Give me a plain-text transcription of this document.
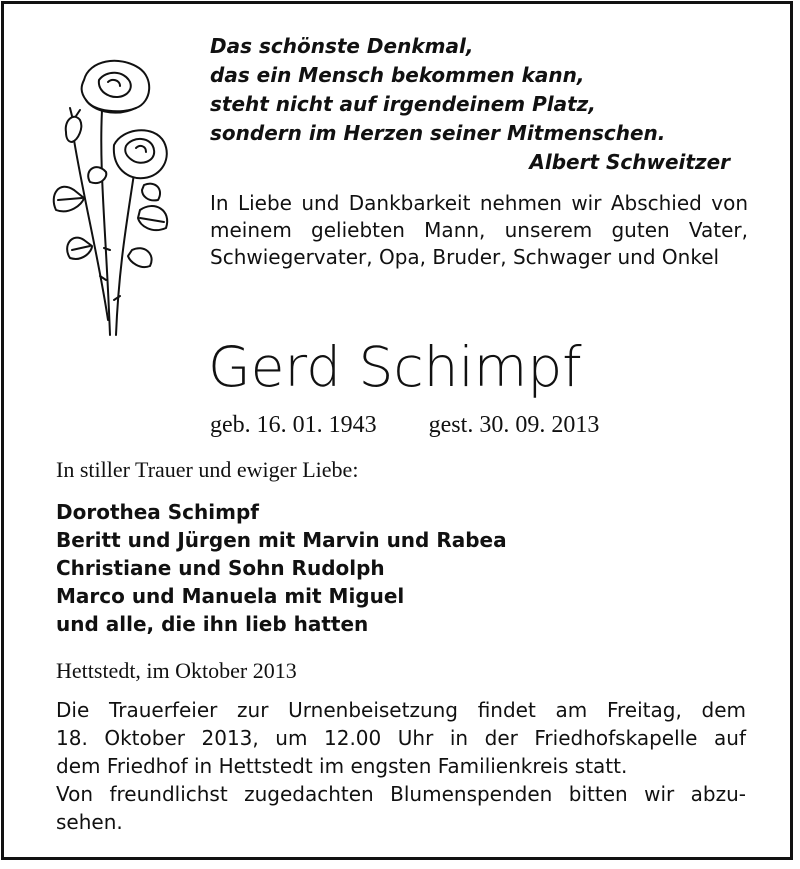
Das schönste Denkmal,
das ein Mensch bekommen kann,
steht nicht auf irgendeinem Platz,
sondern im Herzen seiner Mitmenschen.
Albert Schweitzer

In Liebe und Dankbarkeit nehmen wir Abschied von meinem geliebten Mann, unserem guten Vater, Schwiegervater, Opa, Bruder, Schwager und Onkel

Gerd Schimpf
geb. 16. 01. 1943 gest. 30. 09. 2013
In stiller Trauer und ewiger Liebe:
Dorothea Schimpf
Beritt und Jürgen mit Marvin und Rabea
Christiane und Sohn Rudolph
Marco und Manuela mit Miguel
und alle, die ihn lieb hatten
Hettstedt, im Oktober 2013

Die Trauerfeier zur Urnenbeisetzung findet am Freitag, dem
18. Oktober 2013, um 12.00 Uhr in der Friedhofskapelle auf
dem Friedhof in Hettstedt im engsten Familienkreis statt.
Von freundlichst zugedachten Blumenspenden bitten wir abzu-
sehen.
